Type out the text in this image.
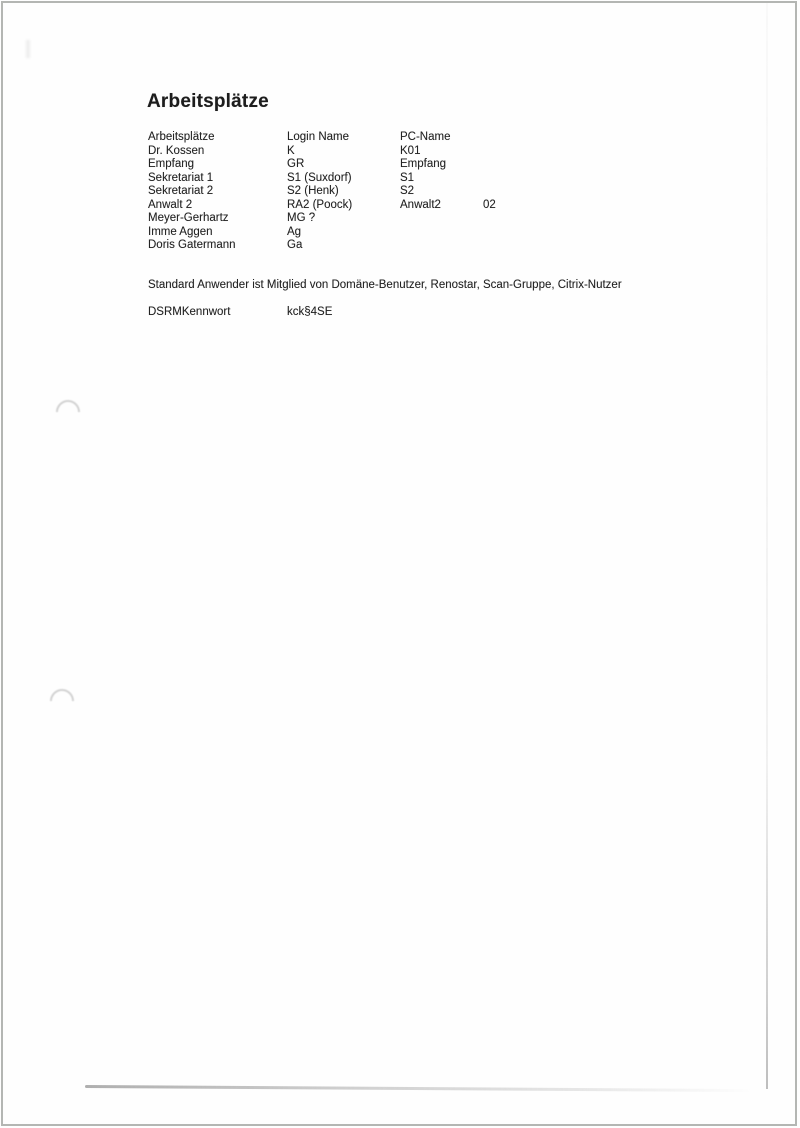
Arbeitsplätze
Arbeitsplätze	Login Name	PC-Name
Dr. Kossen	K	K01
Empfang	GR	Empfang
Sekretariat 1	S1 (Suxdorf)	S1
Sekretariat 2	S2 (Henk)	S2
Anwalt 2	RA2 (Poock)	Anwalt2	02
Meyer-Gerhartz	MG ?
Imme Aggen	Ag
Doris Gatermann	Ga

Standard Anwender ist Mitglied von Domäne-Benutzer, Renostar, Scan-Gruppe, Citrix-Nutzer

DSRMKennwort	kck§4SE
